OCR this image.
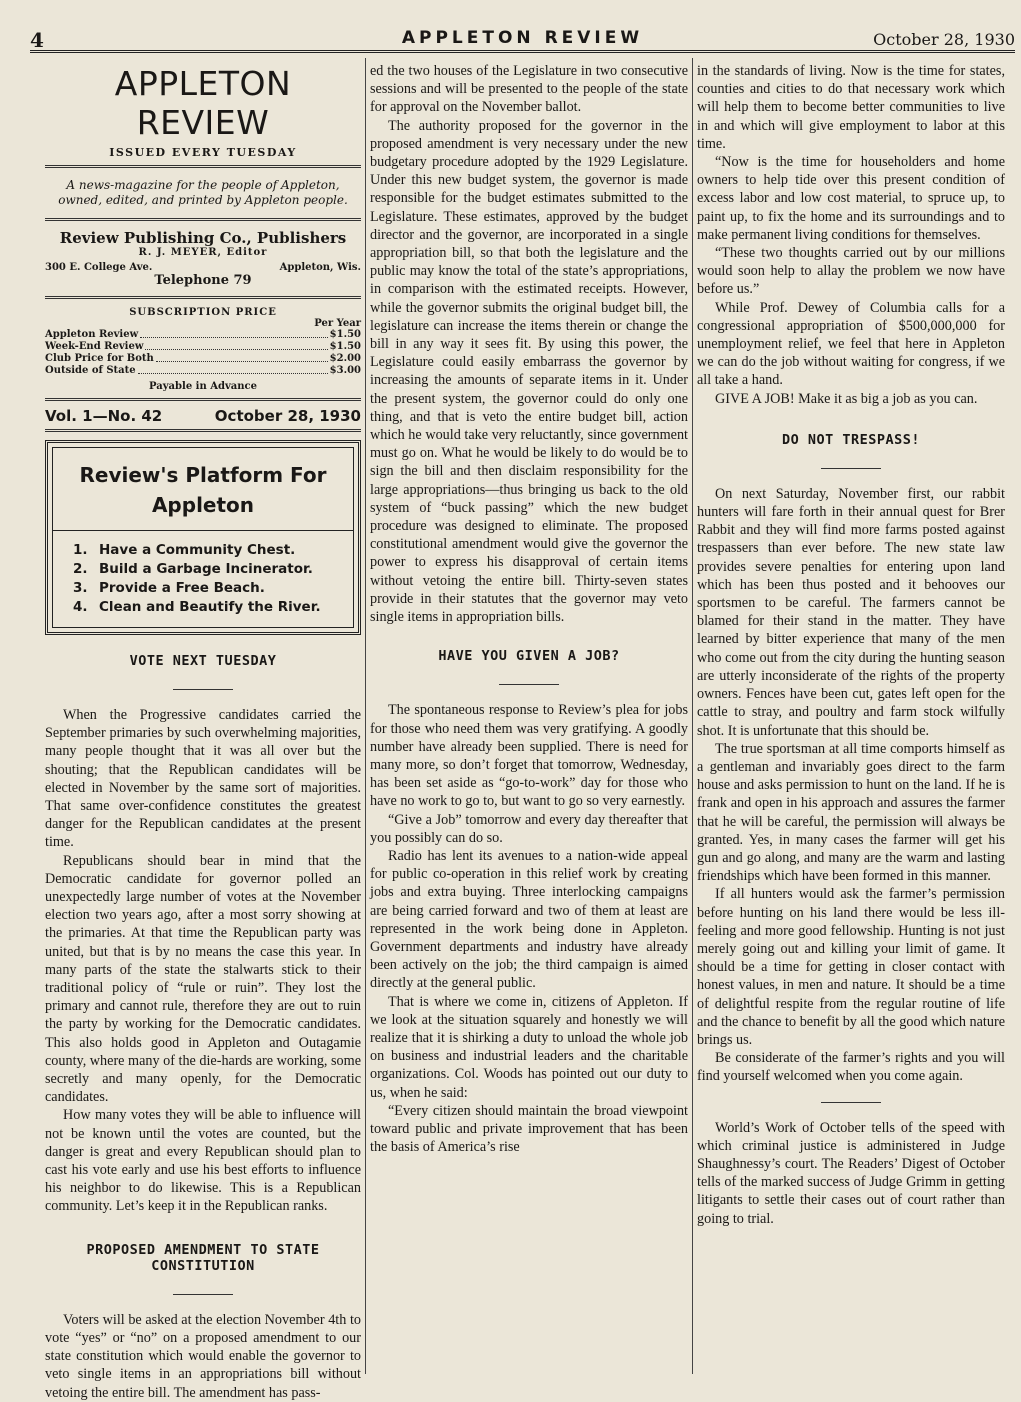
4	APPLETON REVIEW	October 28, 1930
APPLETON REVIEW
ISSUED EVERY TUESDAY
A news-magazine for the people of Appleton, owned, edited, and printed by Appleton people.
Review Publishing Co., Publishers
R. J. MEYER, Editor
300 E. College Ave.	Appleton, Wis.
Telephone 79
SUBSCRIPTION PRICE
Per Year
Appleton Review	$1.50
Week-End Review	$1.50
Club Price for Both	$2.00
Outside of State	$3.00
Payable in Advance
Vol. 1—No. 42	October 28, 1930
Review's Platform For
Appleton
1. Have a Community Chest.
2. Build a Garbage Incinerator.
3. Provide a Free Beach.
4. Clean and Beautify the River.
VOTE NEXT TUESDAY

When the Progressive candidates carried the September primaries by such overwhelming majorities, many people thought that it was all over but the shouting; that the Republican candidates will be elected in November by the same sort of majorities. That same over-confidence constitutes the greatest danger for the Republican candidates at the present time.

Republicans should bear in mind that the Democratic candidate for governor polled an unexpectedly large number of votes at the November election two years ago, after a most sorry showing at the primaries. At that time the Republican party was united, but that is by no means the case this year. In many parts of the state the stalwarts stick to their traditional policy of “rule or ruin”. They lost the primary and cannot rule, therefore they are out to ruin the party by working for the Democratic candidates. This also holds good in Appleton and Outagamie county, where many of the die-hards are working, some secretly and many openly, for the Democratic candidates.

How many votes they will be able to influence will not be known until the votes are counted, but the danger is great and every Republican should plan to cast his vote early and use his best efforts to influence his neighbor to do likewise. This is a Republican community. Let’s keep it in the Republican ranks.

PROPOSED AMENDMENT TO STATE
CONSTITUTION

Voters will be asked at the election November 4th to vote “yes” or “no” on a proposed amendment to our state constitution which would enable the governor to veto single items in an appropriations bill without vetoing the entire bill. The amendment has pass-

ed the two houses of the Legislature in two consecutive sessions and will be presented to the people of the state for approval on the November ballot.

The authority proposed for the governor in the proposed amendment is very necessary under the new budgetary procedure adopted by the 1929 Legislature. Under this new budget system, the governor is made responsible for the budget estimates submitted to the Legislature. These estimates, approved by the budget director and the governor, are incorporated in a single appropriation bill, so that both the legislature and the public may know the total of the state’s appropriations, in comparison with the estimated receipts. However, while the governor submits the original budget bill, the legislature can increase the items therein or change the bill in any way it sees fit. By using this power, the Legislature could easily embarrass the governor by increasing the amounts of separate items in it. Under the present system, the governor could do only one thing, and that is veto the entire budget bill, action which he would take very reluctantly, since government must go on. What he would be likely to do would be to sign the bill and then disclaim responsibility for the large appropriations—thus bringing us back to the old system of “buck passing” which the new budget procedure was designed to eliminate. The proposed constitutional amendment would give the governor the power to express his disapproval of certain items without vetoing the entire bill. Thirty-seven states provide in their statutes that the governor may veto single items in appropriation bills.

HAVE YOU GIVEN A JOB?

The spontaneous response to Review’s plea for jobs for those who need them was very gratifying. A goodly number have already been supplied. There is need for many more, so don’t forget that tomorrow, Wednesday, has been set aside as “go-to-work” day for those who have no work to go to, but want to go so very earnestly.

“Give a Job” tomorrow and every day thereafter that you possibly can do so.

Radio has lent its avenues to a nation-wide appeal for public co-operation in this relief work by creating jobs and extra buying. Three interlocking campaigns are being carried forward and two of them at least are represented in the work being done in Appleton. Government departments and industry have already been actively on the job; the third campaign is aimed directly at the general public.

That is where we come in, citizens of Appleton. If we look at the situation squarely and honestly we will realize that it is shirking a duty to unload the whole job on business and industrial leaders and the charitable organizations. Col. Woods has pointed out our duty to us, when he said:

“Every citizen should maintain the broad viewpoint toward public and private improvement that has been the basis of America’s rise

in the standards of living. Now is the time for states, counties and cities to do that necessary work which will help them to become better communities to live in and which will give employment to labor at this time.

“Now is the time for householders and home owners to help tide over this present condition of excess labor and low cost material, to spruce up, to paint up, to fix the home and its surroundings and to make permanent living conditions for themselves.

“These two thoughts carried out by our millions would soon help to allay the problem we now have before us.”

While Prof. Dewey of Columbia calls for a congressional appropriation of $500,000,000 for unemployment relief, we feel that here in Appleton we can do the job without waiting for congress, if we all take a hand.

GIVE A JOB! Make it as big a job as you can.

DO NOT TRESPASS!

On next Saturday, November first, our rabbit hunters will fare forth in their annual quest for Brer Rabbit and they will find more farms posted against trespassers than ever before. The new state law provides severe penalties for entering upon land which has been thus posted and it behooves our sportsmen to be careful. The farmers cannot be blamed for their stand in the matter. They have learned by bitter experience that many of the men who come out from the city during the hunting season are utterly inconsiderate of the rights of the property owners. Fences have been cut, gates left open for the cattle to stray, and poultry and farm stock wilfully shot. It is unfortunate that this should be.

The true sportsman at all time comports himself as a gentleman and invariably goes direct to the farm house and asks permission to hunt on the land. If he is frank and open in his approach and assures the farmer that he will be careful, the permission will always be granted. Yes, in many cases the farmer will get his gun and go along, and many are the warm and lasting friendships which have been formed in this manner.

If all hunters would ask the farmer’s permission before hunting on his land there would be less ill-feeling and more good fellowship. Hunting is not just merely going out and killing your limit of game. It should be a time for getting in closer contact with honest values, in men and nature. It should be a time of delightful respite from the regular routine of life and the chance to benefit by all the good which nature brings us.

Be considerate of the farmer’s rights and you will find yourself welcomed when you come again.

World’s Work of October tells of the speed with which criminal justice is administered in Judge Shaughnessy’s court. The Readers’ Digest of October tells of the marked success of Judge Grimm in getting litigants to settle their cases out of court rather than going to trial.
